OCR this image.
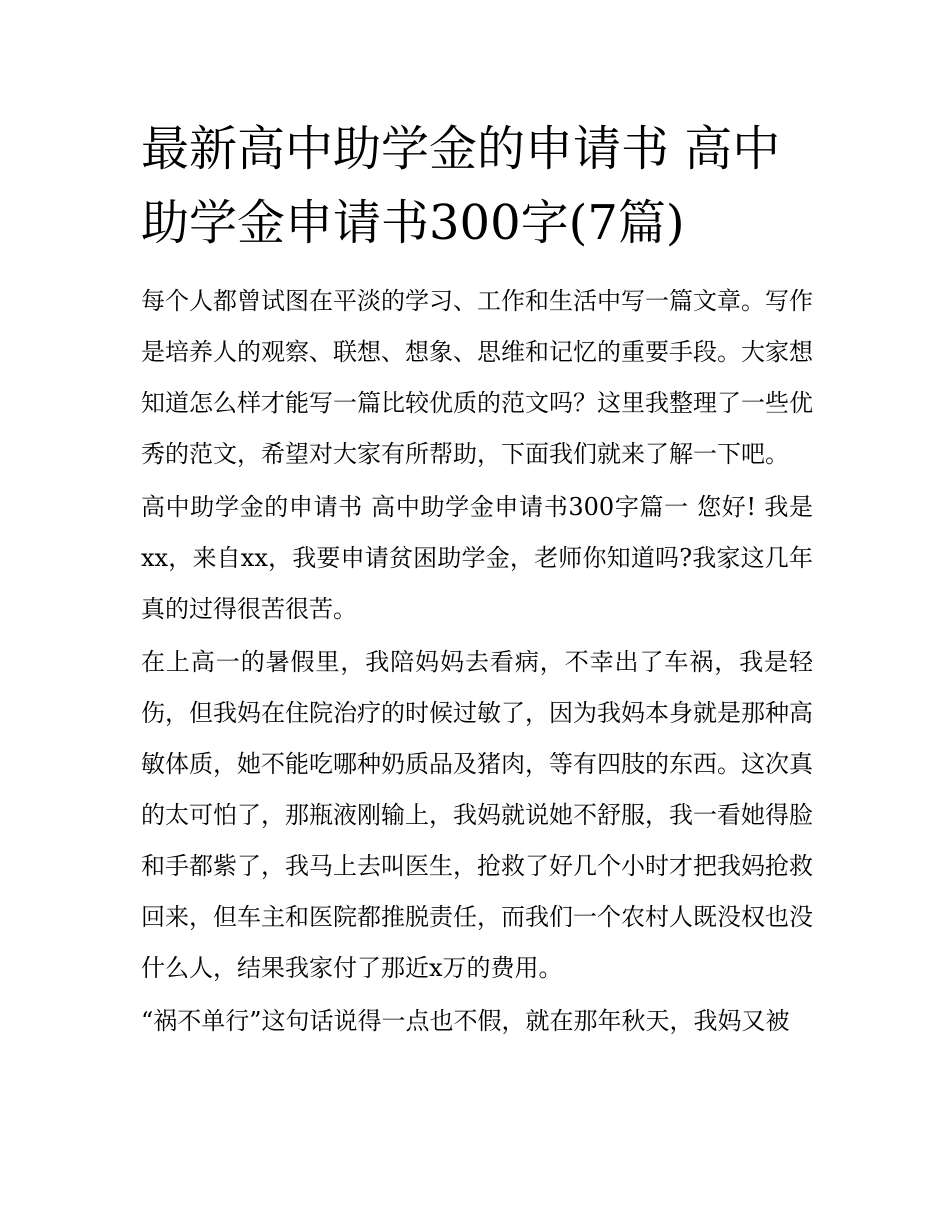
最新高中助学金的申请书 高中助学金申请书300字(7篇)

每个人都曾试图在平淡的学习、工作和生活中写一篇文章。写作是培养人的观察、联想、想象、思维和记忆的重要手段。大家想知道怎么样才能写一篇比较优质的范文吗？这里我整理了一些优秀的范文，希望对大家有所帮助，下面我们就来了解一下吧。

高中助学金的申请书 高中助学金申请书300字篇一 您好! 我是xx，来自xx，我要申请贫困助学金，老师你知道吗?我家这几年真的过得很苦很苦。

在上高一的暑假里，我陪妈妈去看病，不幸出了车祸，我是轻伤，但我妈在住院治疗的时候过敏了，因为我妈本身就是那种高敏体质，她不能吃哪种奶质品及猪肉，等有四肢的东西。这次真的太可怕了，那瓶液刚输上，我妈就说她不舒服，我一看她得脸和手都紫了，我马上去叫医生，抢救了好几个小时才把我妈抢救回来，但车主和医院都推脱责任，而我们一个农村人既没权也没什么人，结果我家付了那近x万的费用。

“祸不单行”这句话说得一点也不假，就在那年秋天，我妈又被
